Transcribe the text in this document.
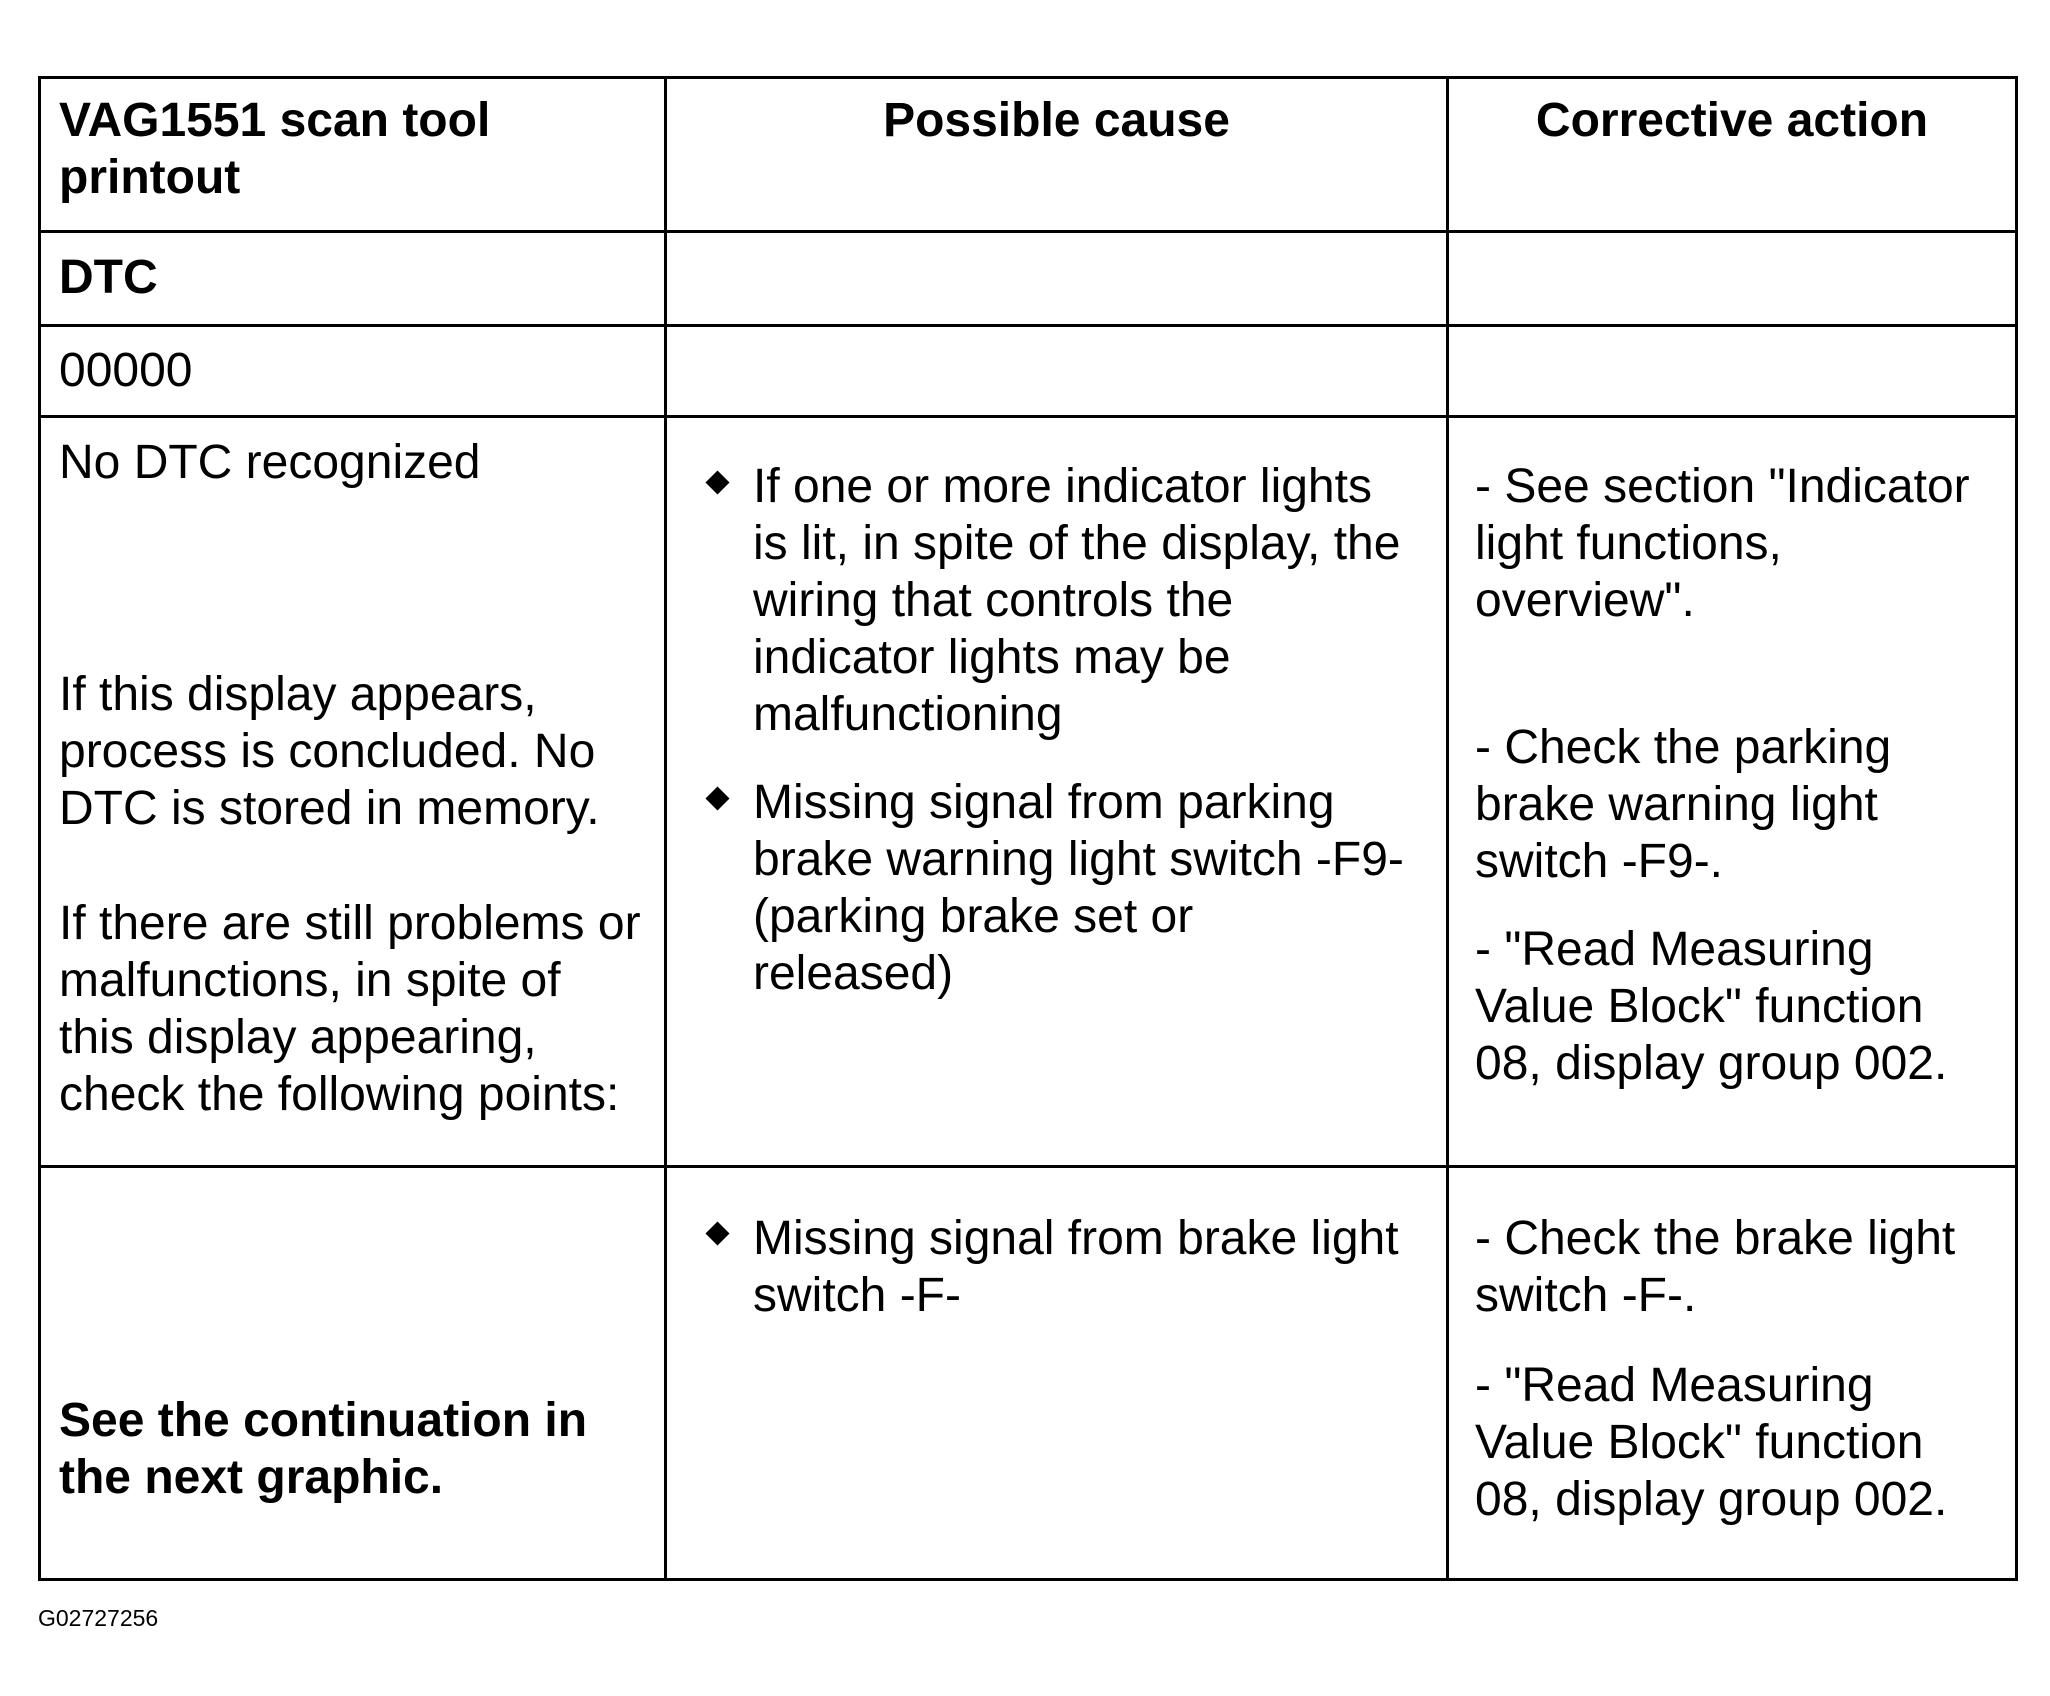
VAG1551 scan tool
printout
Possible cause	Corrective action
DTC
00000
No DTC recognized
If this display appears,
process is concluded. No
DTC is stored in memory.
If there are still problems or
malfunctions, in spite of
this display appearing,
check the following points:
If one or more indicator lights
is lit, in spite of the display, the
wiring that controls the
indicator lights may be
malfunctioning
Missing signal from parking
brake warning light switch -F9-
(parking brake set or
released)
- See section "Indicator
light functions,
overview".
- Check the parking
brake warning light
switch -F9-.
- "Read Measuring
Value Block" function
08, display group 002.
See the continuation in
the next graphic.
Missing signal from brake light
switch -F-
- Check the brake light
switch -F-.
- "Read Measuring
Value Block" function
08, display group 002.
G02727256
